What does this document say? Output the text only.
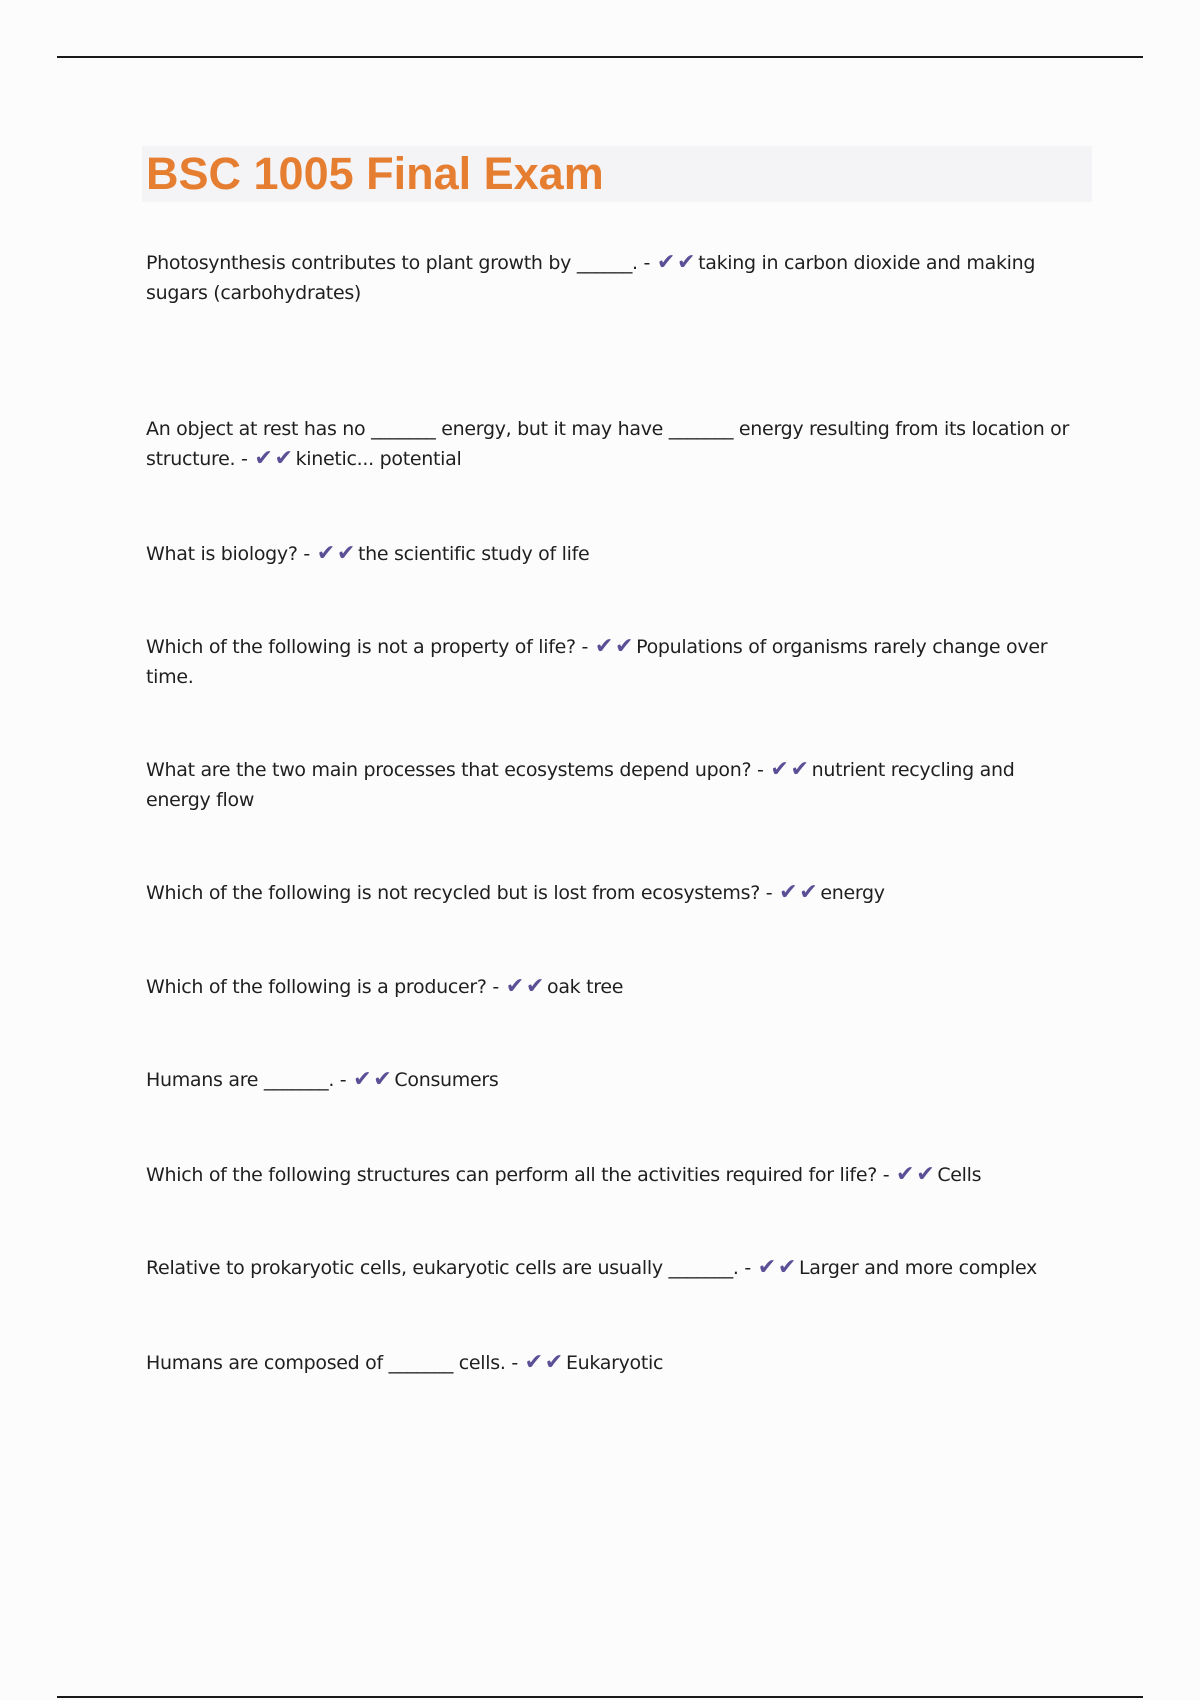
BSC 1005 Final Exam

Photosynthesis contributes to plant growth by ______. - ✔✔ taking in carbon dioxide and making sugars (carbohydrates)

An object at rest has no _______ energy, but it may have _______ energy resulting from its location or structure. - ✔✔ kinetic... potential

What is biology? - ✔✔ the scientific study of life

Which of the following is not a property of life? - ✔✔ Populations of organisms rarely change over time.

What are the two main processes that ecosystems depend upon? - ✔✔ nutrient recycling and energy flow

Which of the following is not recycled but is lost from ecosystems? - ✔✔ energy

Which of the following is a producer? - ✔✔ oak tree

Humans are _______. - ✔✔ Consumers

Which of the following structures can perform all the activities required for life? - ✔✔ Cells

Relative to prokaryotic cells, eukaryotic cells are usually _______. - ✔✔ Larger and more complex

Humans are composed of _______ cells. - ✔✔ Eukaryotic
